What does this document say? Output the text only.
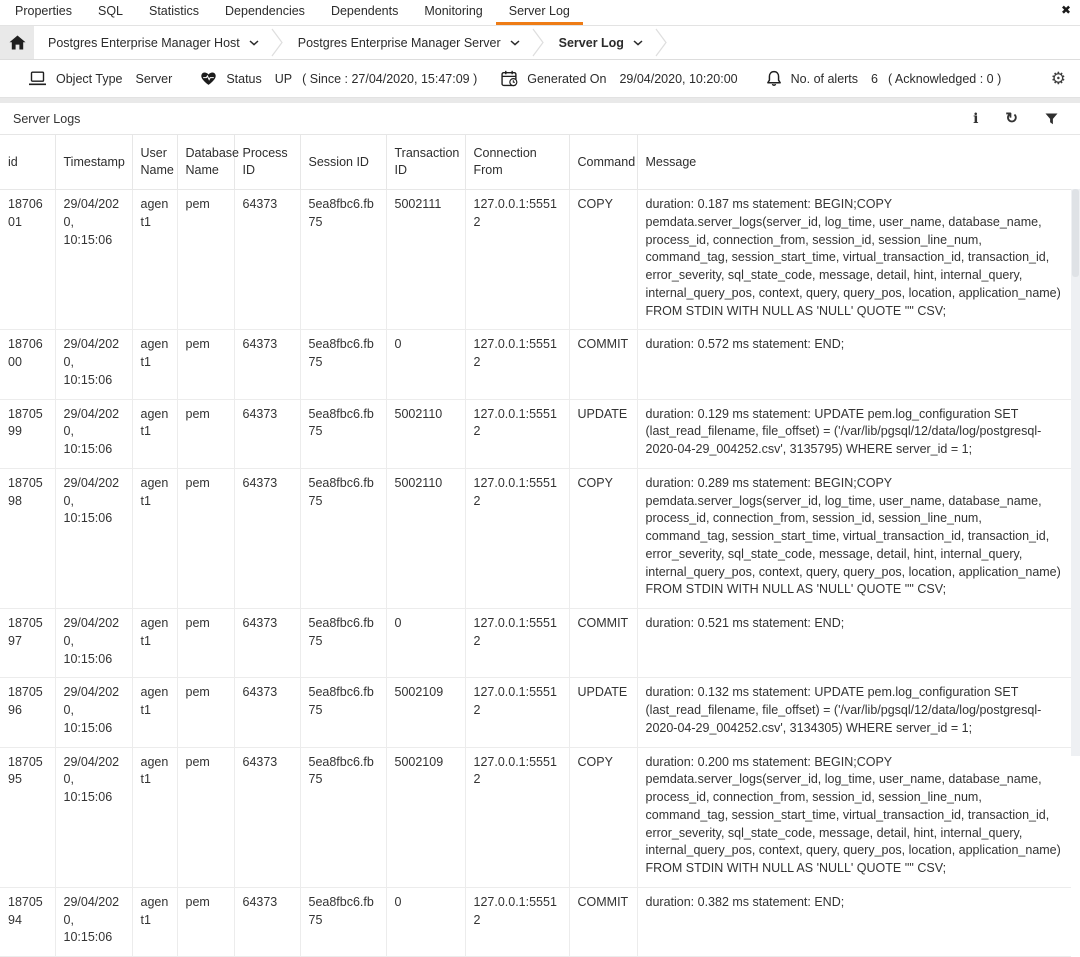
Properties	SQL	Statistics	Dependencies	Dependents	Monitoring	Server Log	✖
Postgres Enterprise Manager Host	Postgres Enterprise Manager Server	Server Log
Object Type Server	Status UP ( Since : 27/04/2020, 15:47:09 )	Generated On 29/04/2020, 10:20:00	No. of alerts 6 ( Acknowledged : 0 )	⚙
Server Logs	i ↻
id	Timestamp	User Name	Database Name	Process ID	Session ID	Transaction ID	Connection From	Command	Message
1870601	29/04/2020, 10:15:06	agent1	pem	64373	5ea8fbc6.fb75	5002111	127.0.0.1:55512	COPY	duration: 0.187 ms statement: BEGIN;COPY pemdata.server_logs(server_id, log_time, user_name, database_name, process_id, connection_from, session_id, session_line_num, command_tag, session_start_time, virtual_transaction_id, transaction_id, error_severity, sql_state_code, message, detail, hint, internal_query, internal_query_pos, context, query, query_pos, location, application_name) FROM STDIN WITH NULL AS 'NULL' QUOTE '"' CSV;
1870600	29/04/2020, 10:15:06	agent1	pem	64373	5ea8fbc6.fb75	0	127.0.0.1:55512	COMMIT	duration: 0.572 ms statement: END;
1870599	29/04/2020, 10:15:06	agent1	pem	64373	5ea8fbc6.fb75	5002110	127.0.0.1:55512	UPDATE	duration: 0.129 ms statement: UPDATE pem.log_configuration SET (last_read_filename, file_offset) = ('/var/lib/pgsql/12/data/log/postgresql-2020-04-29_004252.csv', 3135795) WHERE server_id = 1;
1870598	29/04/2020, 10:15:06	agent1	pem	64373	5ea8fbc6.fb75	5002110	127.0.0.1:55512	COPY	duration: 0.289 ms statement: BEGIN;COPY pemdata.server_logs(server_id, log_time, user_name, database_name, process_id, connection_from, session_id, session_line_num, command_tag, session_start_time, virtual_transaction_id, transaction_id, error_severity, sql_state_code, message, detail, hint, internal_query, internal_query_pos, context, query, query_pos, location, application_name) FROM STDIN WITH NULL AS 'NULL' QUOTE '"' CSV;
1870597	29/04/2020, 10:15:06	agent1	pem	64373	5ea8fbc6.fb75	0	127.0.0.1:55512	COMMIT	duration: 0.521 ms statement: END;
1870596	29/04/2020, 10:15:06	agent1	pem	64373	5ea8fbc6.fb75	5002109	127.0.0.1:55512	UPDATE	duration: 0.132 ms statement: UPDATE pem.log_configuration SET (last_read_filename, file_offset) = ('/var/lib/pgsql/12/data/log/postgresql-2020-04-29_004252.csv', 3134305) WHERE server_id = 1;
1870595	29/04/2020, 10:15:06	agent1	pem	64373	5ea8fbc6.fb75	5002109	127.0.0.1:55512	COPY	duration: 0.200 ms statement: BEGIN;COPY pemdata.server_logs(server_id, log_time, user_name, database_name, process_id, connection_from, session_id, session_line_num, command_tag, session_start_time, virtual_transaction_id, transaction_id, error_severity, sql_state_code, message, detail, hint, internal_query, internal_query_pos, context, query, query_pos, location, application_name) FROM STDIN WITH NULL AS 'NULL' QUOTE '"' CSV;
1870594	29/04/2020, 10:15:06	agent1	pem	64373	5ea8fbc6.fb75	0	127.0.0.1:55512	COMMIT	duration: 0.382 ms statement: END;
